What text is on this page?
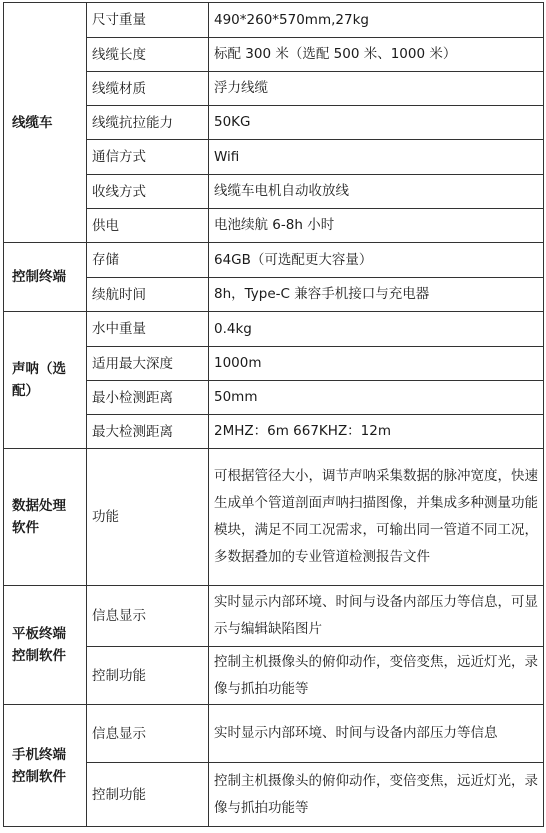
线缆车	尺寸重量	490*260*570mm,27kg
	线缆长度	标配 300 米（选配 500 米、1000 米）
	线缆材质	浮力线缆
	线缆抗拉能力	50KG
	通信方式	Wifi
	收线方式	线缆车电机自动收放线
	供电	电池续航 6-8h 小时
控制终端	存储	64GB（可选配更大容量）
	续航时间	8h，Type-C 兼容手机接口与充电器
声呐（选配）	水中重量	0.4kg
	适用最大深度	1000m
	最小检测距离	50mm
	最大检测距离	2MHZ：6m 667KHZ：12m
数据处理软件	功能	可根据管径大小，调节声呐采集数据的脉冲宽度，快速生成单个管道剖面声呐扫描图像，并集成多种测量功能模块，满足不同工况需求，可输出同一管道不同工况，多数据叠加的专业管道检测报告文件
平板终端控制软件	信息显示	实时显示内部环境、时间与设备内部压力等信息，可显示与编辑缺陷图片
	控制功能	控制主机摄像头的俯仰动作，变倍变焦，远近灯光，录像与抓拍功能等
手机终端控制软件	信息显示	实时显示内部环境、时间与设备内部压力等信息
	控制功能	控制主机摄像头的俯仰动作，变倍变焦，远近灯光，录像与抓拍功能等
